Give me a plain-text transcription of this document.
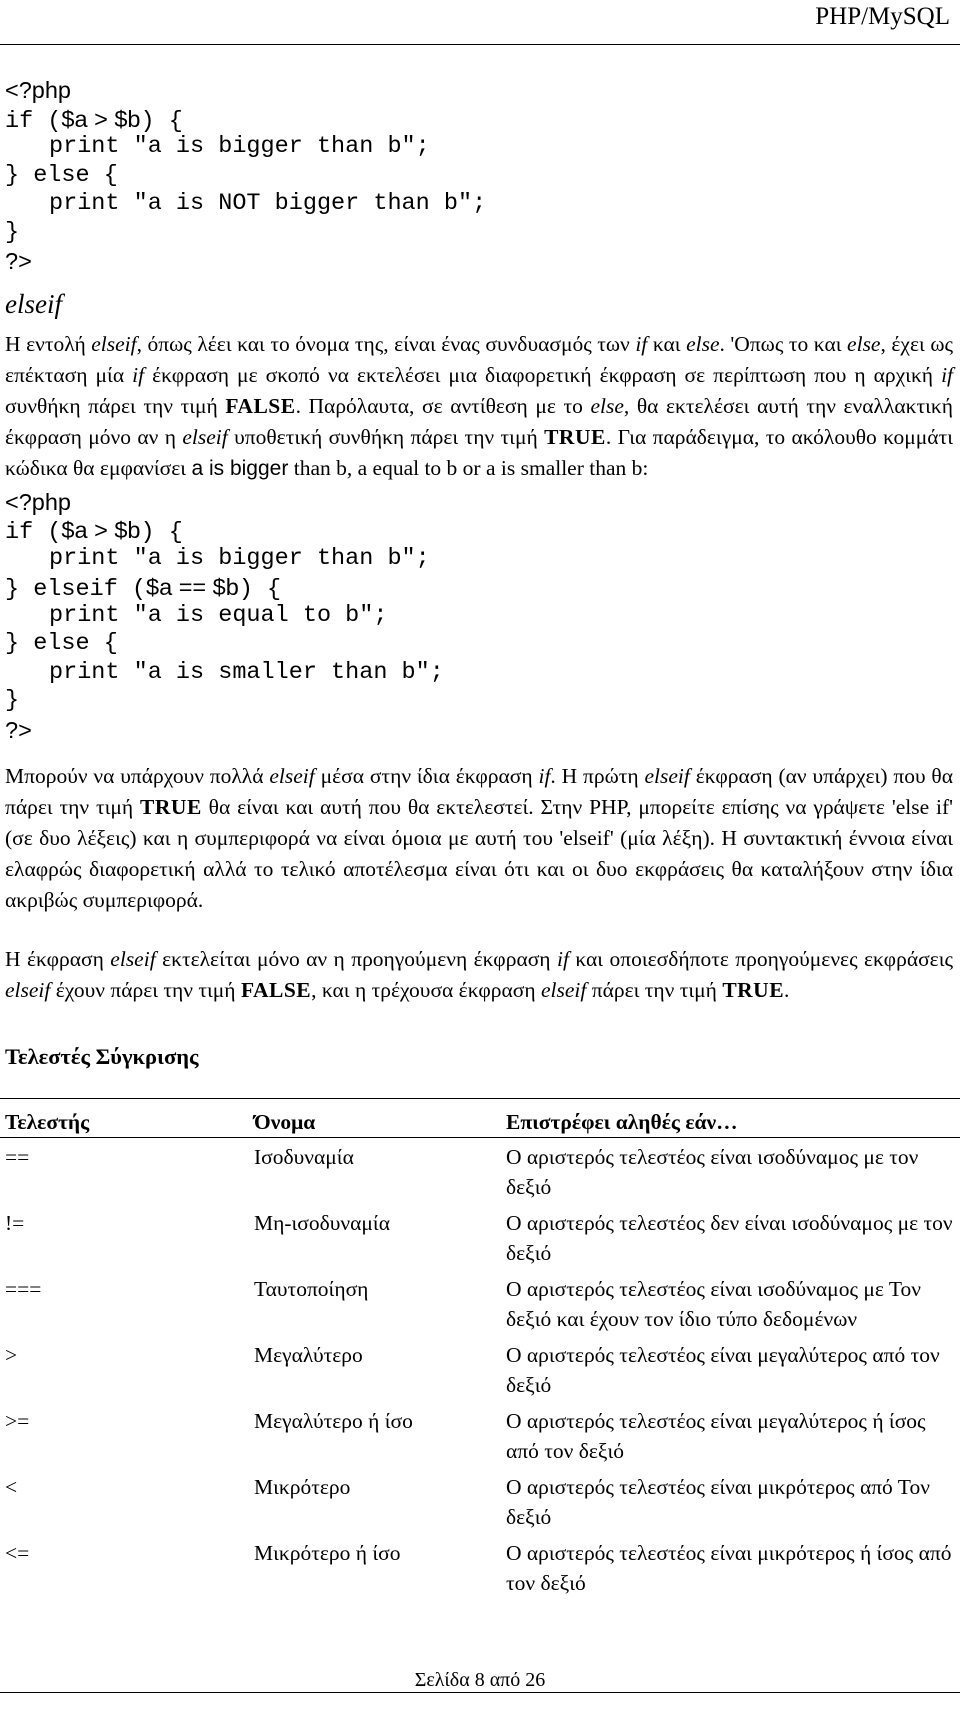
PHP/MySQL
<?php
if ($a > $b) {
print "a is bigger than b";
} else {
print "a is NOT bigger than b";
}
?>
elseif

Η εντολή elseif, όπως λέει και το όνομα της, είναι ένας συνδυασμός των if και else. 'Οπως το και else, έχει ως επέκταση μία if έκφραση με σκοπό να εκτελέσει μια διαφορετική έκφραση σε περίπτωση που η αρχική if συνθήκη πάρει την τιμή FALSE. Παρόλαυτα, σε αντίθεση με το else, θα εκτελέσει αυτή την εναλλακτική έκφραση μόνο αν η elseif υποθετική συνθήκη πάρει την τιμή TRUE. Για παράδειγμα, το ακόλουθο κομμάτι κώδικα θα εμφανίσει a is bigger than b, a equal to b or a is smaller than b:

<?php
if ($a > $b) {
print "a is bigger than b";
} elseif ($a == $b) {
print "a is equal to b";
} else {
print "a is smaller than b";
}
?>

Μπορούν να υπάρχουν πολλά elseif μέσα στην ίδια έκφραση if. Η πρώτη elseif έκφραση (αν υπάρχει) που θα πάρει την τιμή TRUE θα είναι και αυτή που θα εκτελεστεί. Στην PHP, μπορείτε επίσης να γράψετε 'else if' (σε δυο λέξεις) και η συμπεριφορά να είναι όμοια με αυτή του 'elseif' (μία λέξη). Η συντακτική έννοια είναι ελαφρώς διαφορετική αλλά το τελικό αποτέλεσμα είναι ότι και οι δυο εκφράσεις θα καταλήξουν στην ίδια ακριβώς συμπεριφορά.

Η έκφραση elseif εκτελείται μόνο αν η προηγούμενη έκφραση if και οποιεσδήποτε προηγούμενες εκφράσεις elseif έχουν πάρει την τιμή FALSE, και η τρέχουσα έκφραση elseif πάρει την τιμή TRUE.

Τελεστές Σύγκρισης

Τελεστής	Όνομα	Επιστρέφει αληθές εάν…
==	Ισοδυναμία	Ο αριστερός τελεστέος είναι ισοδύναμος με τον δεξιό
!=	Μη-ισοδυναμία	Ο αριστερός τελεστέος δεν είναι ισοδύναμος με τον δεξιό
===	Ταυτοποίηση	Ο αριστερός τελεστέος είναι ισοδύναμος με Τον δεξιό και έχουν τον ίδιο τύπο δεδομένων
>	Μεγαλύτερο	Ο αριστερός τελεστέος είναι μεγαλύτερος από τον δεξιό
>=	Μεγαλύτερο ή ίσο	Ο αριστερός τελεστέος είναι μεγαλύτερος ή ίσος από τον δεξιό
<	Μικρότερο	Ο αριστερός τελεστέος είναι μικρότερος από Τον δεξιό
<=	Μικρότερο ή ίσο	Ο αριστερός τελεστέος είναι μικρότερος ή ίσος από τον δεξιό
Σελίδα 8 από 26
